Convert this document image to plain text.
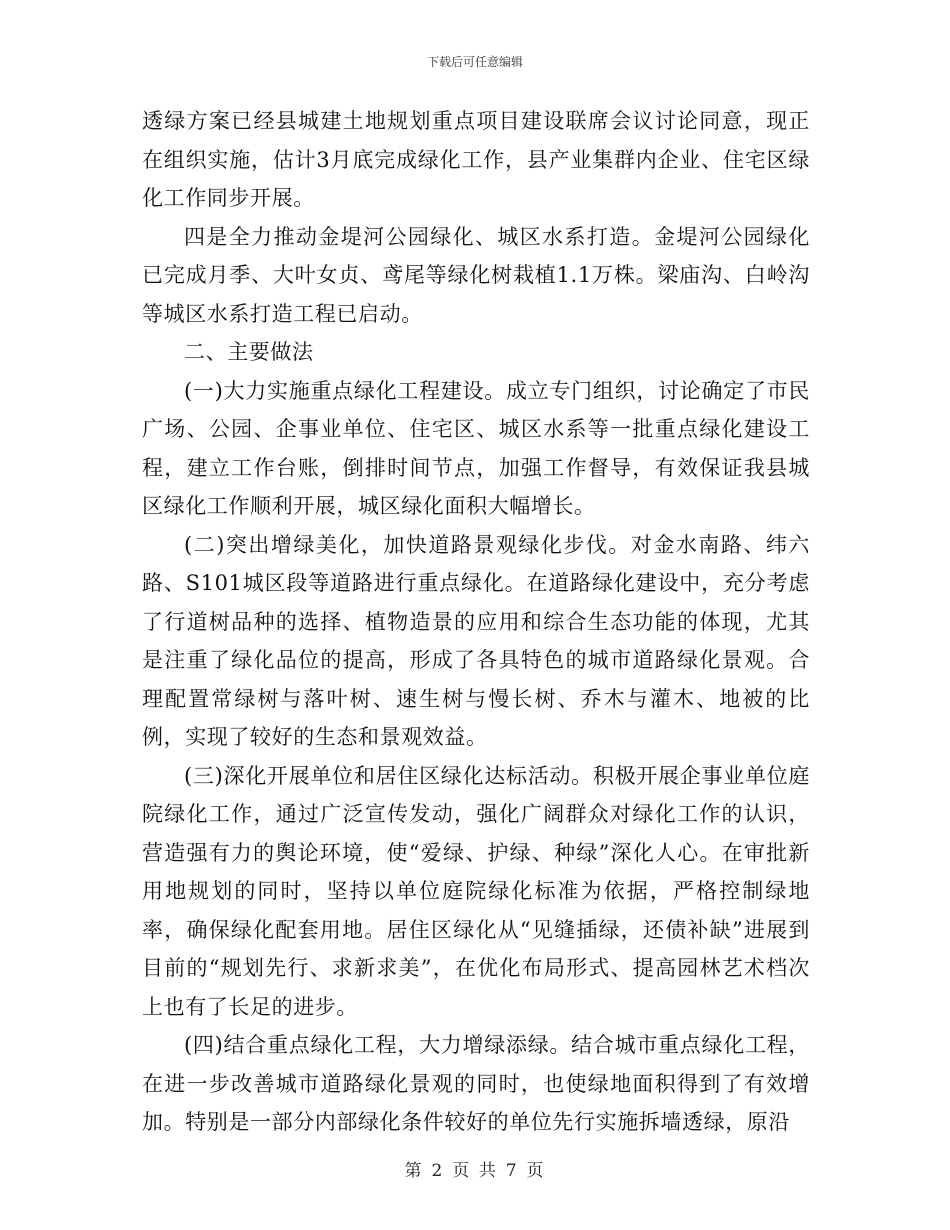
下载后可任意编辑

透绿方案已经县城建土地规划重点项目建设联席会议讨论同意，现正在组织实施，估计3月底完成绿化工作，县产业集群内企业、住宅区绿化工作同步开展。

四是全力推动金堤河公园绿化、城区水系打造。金堤河公园绿化已完成月季、大叶女贞、鸢尾等绿化树栽植1.1万株。梁庙沟、白岭沟等城区水系打造工程已启动。

二、主要做法

(一)大力实施重点绿化工程建设。成立专门组织，讨论确定了市民广场、公园、企事业单位、住宅区、城区水系等一批重点绿化建设工程，建立工作台账，倒排时间节点，加强工作督导，有效保证我县城区绿化工作顺利开展，城区绿化面积大幅增长。

(二)突出增绿美化，加快道路景观绿化步伐。对金水南路、纬六路、S101城区段等道路进行重点绿化。在道路绿化建设中，充分考虑了行道树品种的选择、植物造景的应用和综合生态功能的体现，尤其是注重了绿化品位的提高，形成了各具特色的城市道路绿化景观。合理配置常绿树与落叶树、速生树与慢长树、乔木与灌木、地被的比例，实现了较好的生态和景观效益。

(三)深化开展单位和居住区绿化达标活动。积极开展企事业单位庭院绿化工作，通过广泛宣传发动，强化广阔群众对绿化工作的认识，营造强有力的舆论环境，使“爱绿、护绿、种绿”深化人心。在审批新用地规划的同时，坚持以单位庭院绿化标准为依据，严格控制绿地率，确保绿化配套用地。居住区绿化从“见缝插绿，还债补缺”进展到目前的“规划先行、求新求美”，在优化布局形式、提高园林艺术档次上也有了长足的进步。

(四)结合重点绿化工程，大力增绿添绿。结合城市重点绿化工程，在进一步改善城市道路绿化景观的同时，也使绿地面积得到了有效增加。特别是一部分内部绿化条件较好的单位先行实施拆墙透绿，原沿

第 2 页 共 7 页
